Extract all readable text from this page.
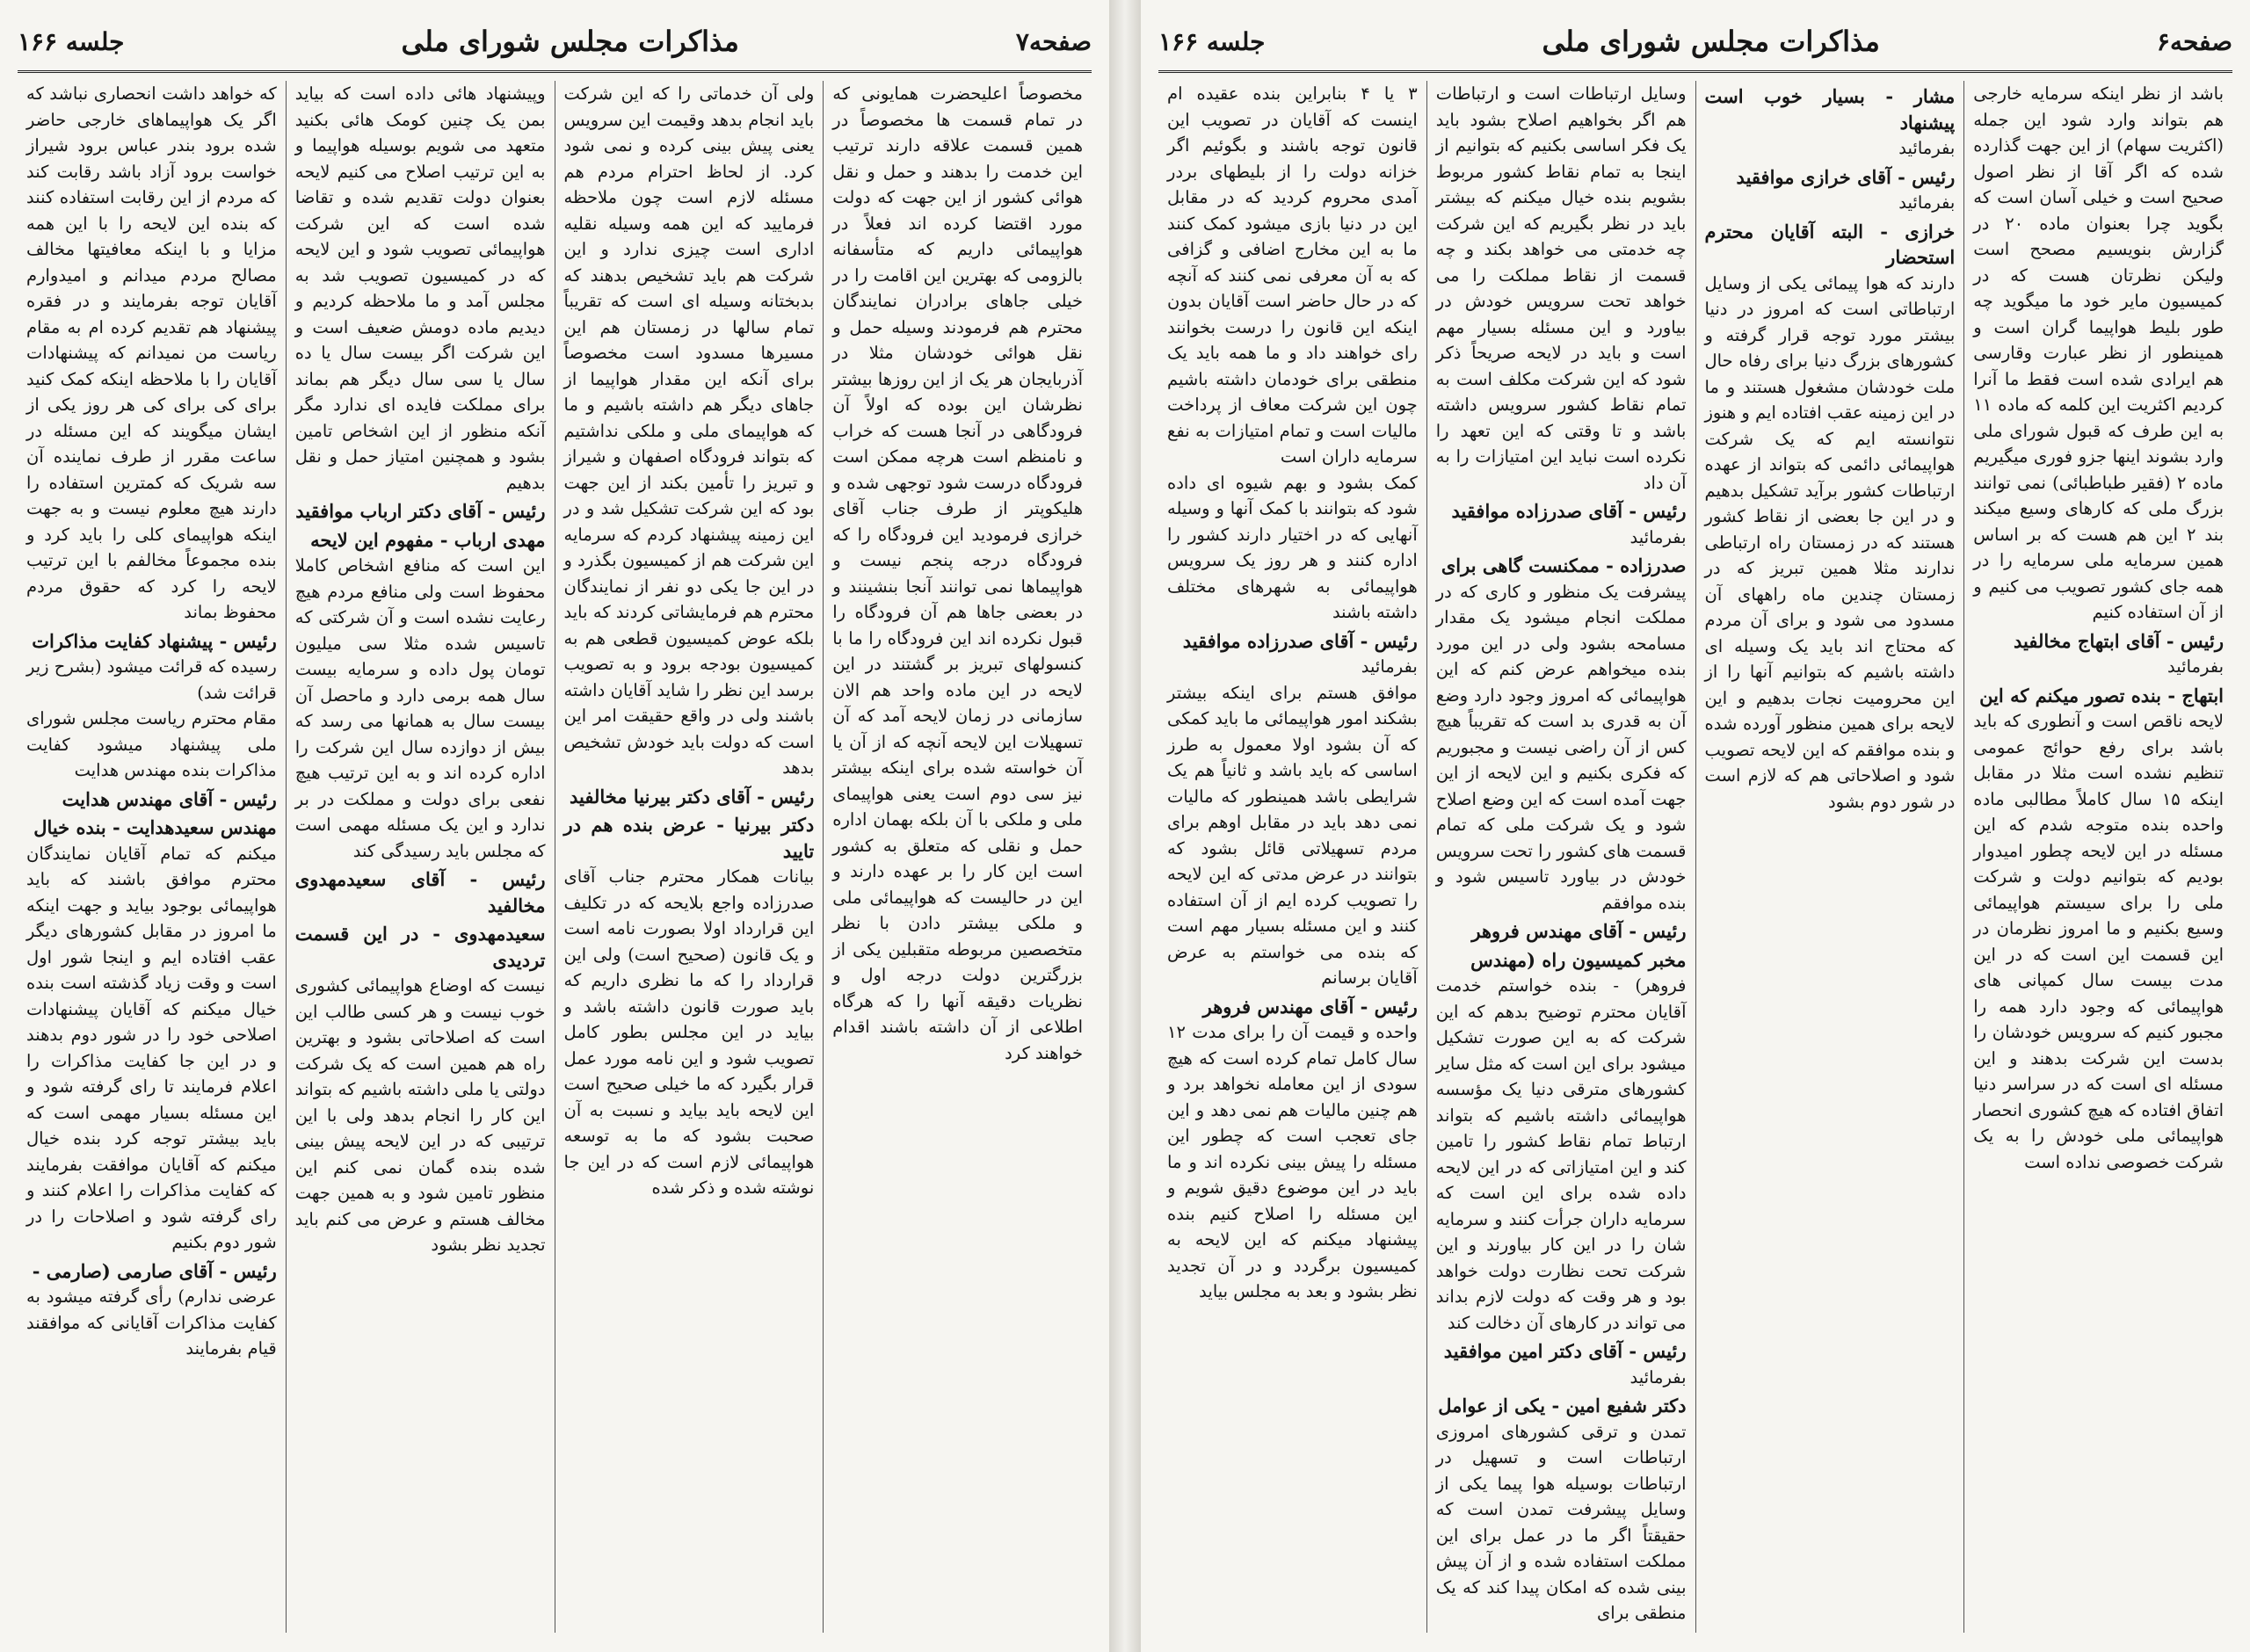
صفحه۷
مذاکرات مجلس شورای ملی
جلسه ۱۶۶

مخصوصاً اعلیحضرت همایونی که در تمام قسمت ها مخصوصاً در همین قسمت علاقه دارند ترتیب این خدمت را بدهند و حمل و نقل هوائی کشور از این جهت که دولت مورد اقتضا کرده اند فعلاً در هواپیمائی داریم که متأسفانه بالزومی که بهترین این اقامت را در خیلی جاهای برادران نمایندگان محترم هم فرمودند وسیله حمل و نقل هوائی خودشان مثلا در آذربایجان هر یک از این روزها بیشتر نظرشان این بوده که اولاً آن فرودگاهی در آنجا هست که خراب و نامنظم است هرچه ممکن است فرودگاه درست شود توجهی شده و هلیکوپتر از طرف جناب آقای خرازی فرمودید این فرودگاه را که فرودگاه درجه پنجم نیست و هواپیماها نمی توانند آنجا بنشینند و در بعضی جاها هم آن فرودگاه را قبول نکرده اند این فرودگاه را ما با کنسولهای تبریز بر گشتند در این لایحه در این ماده واحد هم الان سازمانی در زمان لایحه آمد که آن تسهیلات این لایحه آنچه که از آن یا آن خواسته شده برای اینکه بیشتر نیز سی دوم است یعنی هواپیمای ملی و ملکی با آن بلکه بهمان اداره حمل و نقلی که متعلق به کشور است این کار را بر عهده دارند و این در حالیست که هواپیمائی ملی و ملکی بیشتر دادن با نظر متخصصین مربوطه متقبلین یکی از بزرگترین دولت درجه اول و نظریات دقیقه آنها را که هرگاه اطلاعی از آن داشته باشند اقدام خواهند کرد

ولی آن خدماتی را که این شرکت باید انجام بدهد وقیمت این سرویس یعنی پیش بینی کرده و نمی شود کرد. از لحاظ احترام مردم هم مسئله لازم است چون ملاحظه فرمایید که این همه وسیله نقلیه اداری است چیزی ندارد و این شرکت هم باید تشخیص بدهند که بدبختانه وسیله ای است که تقریباً تمام سالها در زمستان هم این مسیرها مسدود است مخصوصاً برای آنکه این مقدار هواپیما از جاهای دیگر هم داشته باشیم و ما که هواپیمای ملی و ملکی نداشتیم که بتواند فرودگاه اصفهان و شیراز و تبریز را تأمین بکند از این جهت بود که این شرکت تشکیل شد و در این زمینه پیشنهاد کردم که سرمایه این شرکت هم از کمیسیون بگذرد و در این جا یکی دو نفر از نمایندگان محترم هم فرمایشاتی کردند که باید بلکه عوض کمیسیون قطعی هم به کمیسیون بودجه برود و به تصویب برسد این نظر را شاید آقایان داشته باشند ولی در واقع حقیقت امر این است که دولت باید خودش تشخیص بدهد

رئیس - آقای دکتر بیرنیا مخالفید
دکتر بیرنیا - عرض بنده هم در تایید

بیانات همکار محترم جناب آقای صدرزاده واجع بلایحه که در تکلیف این قرارداد اولا بصورت نامه است و یک قانون (صحیح است) ولی این قرارداد را که ما نظری داریم که باید صورت قانون داشته باشد و بیاید در این مجلس بطور کامل تصویب شود و این نامه مورد عمل قرار بگیرد که ما خیلی صحیح است این لایحه باید بیاید و نسبت به آن صحبت بشود که ما به توسعه هواپیمائی لازم است که در این جا نوشته شده و ذکر شده

وپیشنهاد هائی داده است که بیاید بمن یک چنین کومک هائی بکنید متعهد می شویم بوسیله هواپیما و به این ترتیب اصلاح می کنیم لایحه بعنوان دولت تقدیم شده و تقاضا شده است که این شرکت هواپیمائی تصویب شود و این لایحه که در کمیسیون تصویب شد به مجلس آمد و ما ملاحظه کردیم و دیدیم ماده دومش ضعیف است و این شرکت اگر بیست سال یا ده سال یا سی سال دیگر هم بماند برای مملکت فایده ای ندارد مگر آنکه منظور از این اشخاص تامین بشود و همچنین امتیاز حمل و نقل بدهیم

رئیس - آقای دکتر ارباب موافقید
مهدی ارباب - مفهوم این لایحه

این است که منافع اشخاص کاملا محفوظ است ولی منافع مردم هیچ رعایت نشده است و آن شرکتی که تاسیس شده مثلا سی میلیون تومان پول داده و سرمایه بیست سال همه برمی دارد و ماحصل آن بیست سال به همانها می رسد که بیش از دوازده سال این شرکت را اداره کرده اند و به این ترتیب هیچ نفعی برای دولت و مملکت در بر ندارد و این یک مسئله مهمی است که مجلس باید رسیدگی کند

رئیس - آقای سعیدمهدوی مخالفید
سعیدمهدوی - در این قسمت تردیدی

نیست که اوضاع هواپیمائی کشوری خوب نیست و هر کسی طالب این است که اصلاحاتی بشود و بهترین راه هم همین است که یک شرکت دولتی یا ملی داشته باشیم که بتواند این کار را انجام بدهد ولی با این ترتیبی که در این لایحه پیش بینی شده بنده گمان نمی کنم این منظور تامین شود و به همین جهت مخالف هستم و عرض می کنم باید تجدید نظر بشود

که خواهد داشت انحصاری نباشد که اگر یک هواپیماهای خارجی حاضر شده برود بندر عباس برود شیراز خواست برود آزاد باشد رقابت کند که مردم از این رقابت استفاده کنند که بنده این لایحه را با این همه مزایا و با اینکه معافیتها مخالف مصالح مردم میدانم و امیدوارم آقایان توجه بفرمایند و در فقره پیشنهاد هم تقدیم کرده ام به مقام ریاست من نمیدانم که پیشنهادات آقایان را با ملاحظه اینکه کمک کنید برای کی برای کی هر روز یکی از ایشان میگویند که این مسئله در ساعت مقرر از طرف نماینده آن سه شریک که کمترین استفاده را دارند هیچ معلوم نیست و به جهت اینکه هواپیمای کلی را باید کرد و بنده مجموعاً مخالفم با این ترتیب لایحه را کرد که حقوق مردم محفوظ بماند

رئیس - پیشنهاد کفایت مذاکرات

رسیده که قرائت میشود (بشرح زیر قرائت شد)

مقام محترم ریاست مجلس شورای ملی پیشنهاد میشود کفایت مذاکرات بنده مهندس هدایت

رئیس - آقای مهندس هدایت
مهندس سعیدهدایت - بنده خیال

میکنم که تمام آقایان نمایندگان محترم موافق باشند که باید هواپیمائی بوجود بیاید و جهت اینکه ما امروز در مقابل کشورهای دیگر عقب افتاده ایم و اینجا شور اول است و وقت زیاد گذشته است بنده خیال میکنم که آقایان پیشنهادات اصلاحی خود را در شور دوم بدهند و در این جا کفایت مذاکرات را اعلام فرمایند تا رای گرفته شود و این مسئله بسیار مهمی است که باید بیشتر توجه کرد بنده خیال میکنم که آقایان موافقت بفرمایند که کفایت مذاکرات را اعلام کنند و رای گرفته شود و اصلاحات را در شور دوم بکنیم

رئیس - آقای صارمی (صارمی -

عرضی ندارم) رأی گرفته میشود به کفایت مذاکرات آقایانی که موافقند قیام بفرمایند

صفحه۶
مذاکرات مجلس شورای ملی
جلسه ۱۶۶

باشد از نظر اینکه سرمایه خارجی هم بتواند وارد شود این جمله (اکثریت سهام) از این جهت گذارده شده که اگر آقا از نظر اصول صحیح است و خیلی آسان است که بگوید چرا بعنوان ماده ۲۰ در گزارش بنویسیم مصحح است ولیکن نظرتان هست که در کمیسیون مایر خود ما میگوید چه طور بلیط هواپیما گران است و همینطور از نظر عبارت وقارسی هم ایرادی شده است فقط ما آنرا کردیم اکثریت این کلمه که ماده ۱۱ به این طرف که قبول شورای ملی وارد بشوند اینها جزو فوری میگیریم ماده ۲ (فقیر طباطبائی) نمی توانند بزرگ ملی که کارهای وسیع میکند بند ۲ این هم هست که بر اساس همین سرمایه ملی سرمایه را در همه جای کشور تصویب می کنیم و از آن استفاده کنیم

رئیس - آقای ابتهاج مخالفید

بفرمائید

ابتهاج - بنده تصور میکنم که این

لایحه ناقص است و آنطوری که باید باشد برای رفع حوائج عمومی تنظیم نشده است مثلا در مقابل اینکه ۱۵ سال کاملاً مطالبی ماده واحده بنده متوجه شدم که این مسئله در این لایحه چطور امیدوار بودیم که بتوانیم دولت و شرکت ملی را برای سیستم هواپیمائی وسیع بکنیم و ما امروز نظرمان در این قسمت این است که در این مدت بیست سال کمپانی های هواپیمائی که وجود دارد همه را مجبور کنیم که سرویس خودشان را بدست این شرکت بدهند و این مسئله ای است که در سراسر دنیا اتفاق افتاده که هیچ کشوری انحصار هواپیمائی ملی خودش را به یک شرکت خصوصی نداده است

مشار - بسیار خوب است پیشنهاد

بفرمائید

رئیس - آقای خرازی موافقید

بفرمائید

خرازی - البته آقایان محترم استحضار

دارند که هوا پیمائی یکی از وسایل ارتباطاتی است که امروز در دنیا بیشتر مورد توجه قرار گرفته و کشورهای بزرگ دنیا برای رفاه حال ملت خودشان مشغول هستند و ما در این زمینه عقب افتاده ایم و هنوز نتوانسته ایم که یک شرکت هواپیمائی دائمی که بتواند از عهده ارتباطات کشور برآید تشکیل بدهیم و در این جا بعضی از نقاط کشور هستند که در زمستان راه ارتباطی ندارند مثلا همین تبریز که در زمستان چندین ماه راههای آن مسدود می شود و برای آن مردم که محتاج اند باید یک وسیله ای داشته باشیم که بتوانیم آنها را از این محرومیت نجات بدهیم و این لایحه برای همین منظور آورده شده و بنده موافقم که این لایحه تصویب شود و اصلاحاتی هم که لازم است در شور دوم بشود

وسایل ارتباطات است و ارتباطات هم اگر بخواهیم اصلاح بشود باید یک فکر اساسی بکنیم که بتوانیم از اینجا به تمام نقاط کشور مربوط بشویم بنده خیال میکنم که بیشتر باید در نظر بگیریم که این شرکت چه خدمتی می خواهد بکند و چه قسمت از نقاط مملکت را می خواهد تحت سرویس خودش در بیاورد و این مسئله بسیار مهم است و باید در لایحه صریحاً ذکر شود که این شرکت مکلف است به تمام نقاط کشور سرویس داشته باشد و تا وقتی که این تعهد را نکرده است نباید این امتیازات را به آن داد

رئیس - آقای صدرزاده موافقید

بفرمائید

صدرزاده - ممکنست گاهی برای

پیشرفت یک منظور و کاری که در مملکت انجام میشود یک مقدار مسامحه بشود ولی در این مورد بنده میخواهم عرض کنم که این هواپیمائی که امروز وجود دارد وضع آن به قدری بد است که تقریباً هیچ کس از آن راضی نیست و مجبوریم که فکری بکنیم و این لایحه از این جهت آمده است که این وضع اصلاح شود و یک شرکت ملی که تمام قسمت های کشور را تحت سرویس خودش در بیاورد تاسیس شود و بنده موافقم

رئیس - آقای مهندس فروهر
مخبر کمیسیون راه (مهندس

فروهر) - بنده خواستم خدمت آقایان محترم توضیح بدهم که این شرکت که به این صورت تشکیل میشود برای این است که مثل سایر کشورهای مترقی دنیا یک مؤسسه هواپیمائی داشته باشیم که بتواند ارتباط تمام نقاط کشور را تامین کند و این امتیازاتی که در این لایحه داده شده برای این است که سرمایه داران جرأت کنند و سرمایه شان را در این کار بیاورند و این شرکت تحت نظارت دولت خواهد بود و هر وقت که دولت لازم بداند می تواند در کارهای آن دخالت کند

رئیس - آقای دکتر امین موافقید

بفرمائید

دکتر شفیع امین - یکی از عوامل

تمدن و ترقی کشورهای امروزی ارتباطات است و تسهیل در ارتباطات بوسیله هوا پیما یکی از وسایل پیشرفت تمدن است که حقیقتاً اگر ما در عمل برای این مملکت استفاده شده و از آن پیش بینی شده که امکان پیدا کند که یک منطقی برای

۳ یا ۴ بنابراین بنده عقیده ام اینست که آقایان در تصویب این قانون توجه باشند و بگوئیم اگر خزانه دولت را از بلیطهای بردر آمدی محروم کردید که در مقابل این در دنیا بازی میشود کمک کنند ما به این مخارج اضافی و گزافی که به آن معرفی نمی کنند که آنچه که در حال حاضر است آقایان بدون اینکه این قانون را درست بخوانند رای خواهند داد و ما همه باید یک منطقی برای خودمان داشته باشیم چون این شرکت معاف از پرداخت مالیات است و تمام امتیازات به نفع سرمایه داران است

کمک بشود و بهم شیوه ای داده شود که بتوانند با کمک آنها و وسیله آنهایی که در اختیار دارند کشور را اداره کنند و هر روز یک سرویس هواپیمائی به شهرهای مختلف داشته باشند

رئیس - آقای صدرزاده موافقید

بفرمائید

موافق هستم برای اینکه بیشتر بشکند امور هواپیمائی ما باید کمکی که آن بشود اولا معمول به طرز اساسی که باید باشد و ثانیاً هم یک شرایطی باشد همینطور که مالیات نمی دهد باید در مقابل اوهم برای مردم تسهیلاتی قائل بشود که بتوانند در عرض مدتی که این لایحه را تصویب کرده ایم از آن استفاده کنند و این مسئله بسیار مهم است که بنده می خواستم به عرض آقایان برسانم

رئیس - آقای مهندس فروهر

واحده و قیمت آن را برای مدت ۱۲ سال کامل تمام کرده است که هیچ سودی از این معامله نخواهد برد و هم چنین مالیات هم نمی دهد و این جای تعجب است که چطور این مسئله را پیش بینی نکرده اند و ما باید در این موضوع دقیق شویم و این مسئله را اصلاح کنیم بنده پیشنهاد میکنم که این لایحه به کمیسیون برگردد و در آن تجدید نظر بشود و بعد به مجلس بیاید
